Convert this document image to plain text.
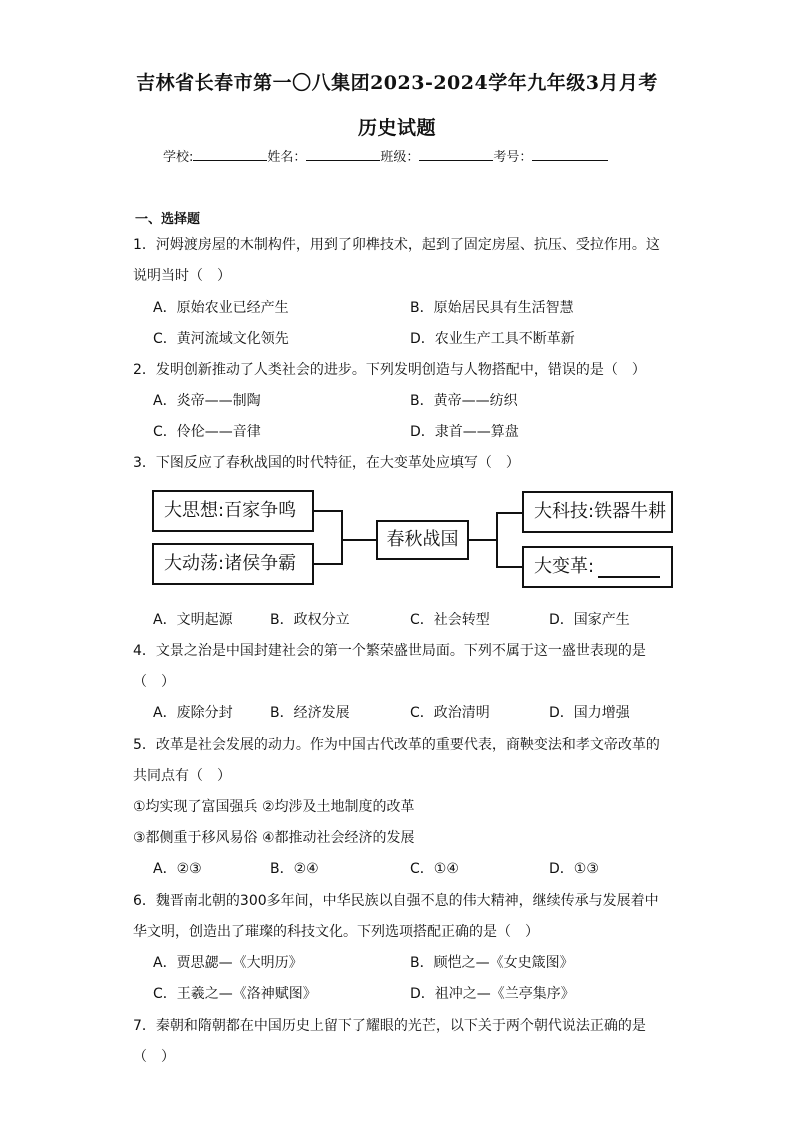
吉林省长春市第一〇八集团2023-2024学年九年级3月月考
历史试题
学校:	姓名：	班级：	考号：
一、选择题
1．河姆渡房屋的木制构件，用到了卯榫技术，起到了固定房屋、抗压、受拉作用。这
说明当时（　）
A．原始农业已经产生	B．原始居民具有生活智慧
C．黄河流域文化领先	D．农业生产工具不断革新
2．发明创新推动了人类社会的进步。下列发明创造与人物搭配中，错误的是（　）
A．炎帝——制陶	B．黄帝——纺织
C．伶伦——音律	D．隶首——算盘
3．下图反应了春秋战国的时代特征，在大变革处应填写（　）
大思想:百家争鸣
大动荡:诸侯争霸
春秋战国
大科技:铁器牛耕
大变革:
A．文明起源	B．政权分立	C．社会转型	D．国家产生
4．文景之治是中国封建社会的第一个繁荣盛世局面。下列不属于这一盛世表现的是
（　）
A．废除分封	B．经济发展	C．政治清明	D．国力增强
5．改革是社会发展的动力。作为中国古代改革的重要代表，商鞅变法和孝文帝改革的
共同点有（　）
①均实现了富国强兵 ②均涉及土地制度的改革
③都侧重于移风易俗 ④都推动社会经济的发展
A．②③	B．②④	C．①④	D．①③
6．魏晋南北朝的300多年间，中华民族以自强不息的伟大精神，继续传承与发展着中
华文明，创造出了璀璨的科技文化。下列选项搭配正确的是（　）
A．贾思勰—《大明历》	B．顾恺之—《女史箴图》
C．王羲之—《洛神赋图》	D．祖冲之—《兰亭集序》
7．秦朝和隋朝都在中国历史上留下了耀眼的光芒，以下关于两个朝代说法正确的是
（　）
